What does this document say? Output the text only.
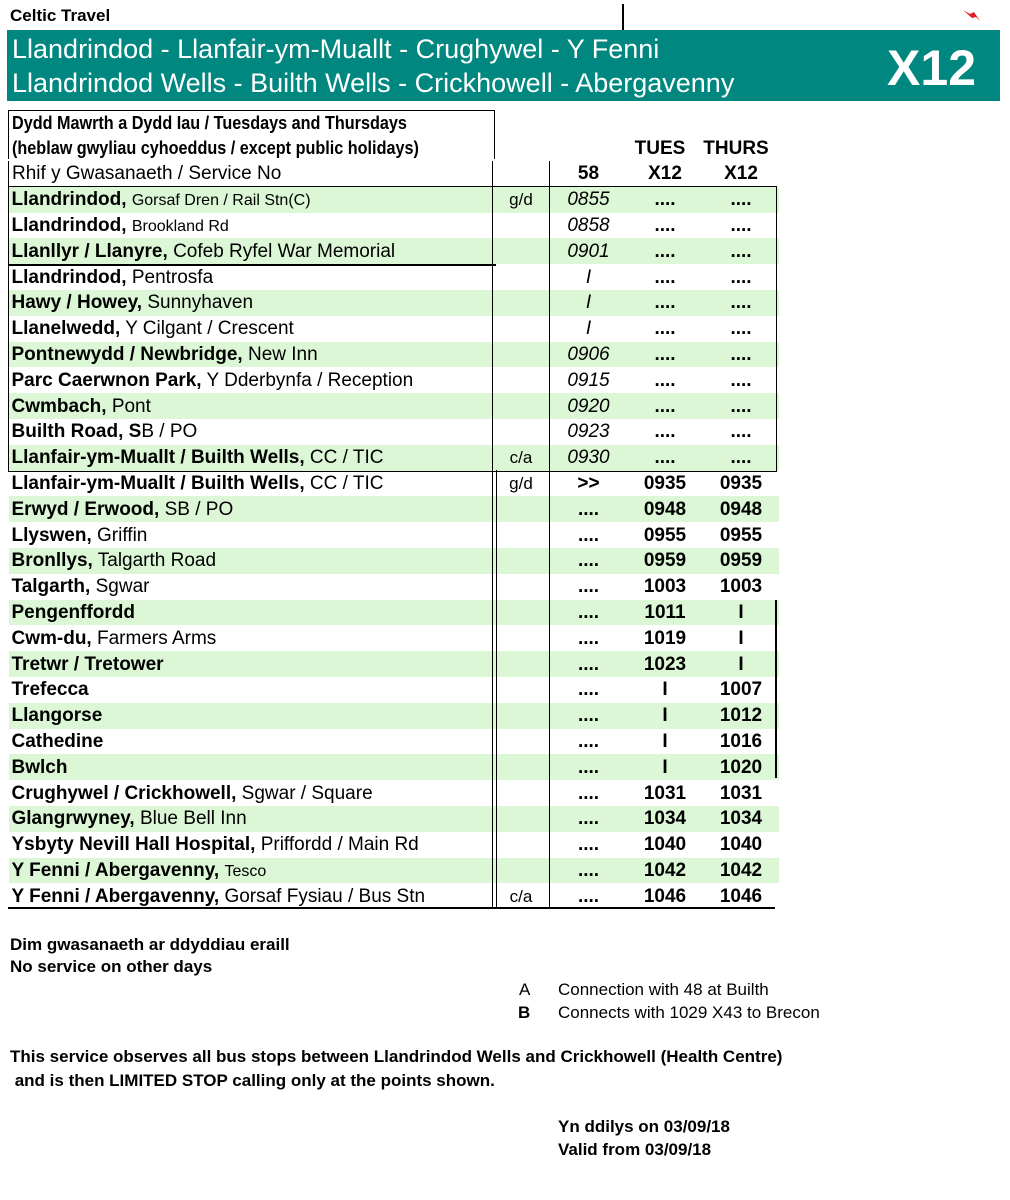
Celtic Travel
Llandrindod - Llanfair-ym-Muallt - Crughywel - Y Fenni
Llandrindod Wells - Builth Wells - Crickhowell - Abergavenny	X12
Dydd Mawrth a Dydd Iau / Tuesdays and Thursdays
(heblaw gwyliau cyhoeddus / except public holidays)	TUES THURS
Rhif y Gwasanaeth / Service No		58	X12	X12
Llandrindod, Gorsaf Dren / Rail Stn(C)	g/d	0855	....	....
Llandrindod, Brookland Rd		0858	....	....
Llanllyr / Llanyre, Cofeb Ryfel War Memorial		0901	....	....
Llandrindod, Pentrosfa		I	....	....
Hawy / Howey, Sunnyhaven		I	....	....
Llanelwedd, Y Cilgant / Crescent		I	....	....
Pontnewydd / Newbridge, New Inn		0906	....	....
Parc Caerwnon Park, Y Dderbynfa / Reception		0915	....	....
Cwmbach, Pont		0920	....	....
Builth Road, SB / PO		0923	....	....
Llanfair-ym-Muallt / Builth Wells, CC / TIC	c/a	0930	....	....
Llanfair-ym-Muallt / Builth Wells, CC / TIC	g/d	>>	0935	0935
Erwyd / Erwood, SB / PO		....	0948	0948
Llyswen, Griffin		....	0955	0955
Bronllys, Talgarth Road		....	0959	0959
Talgarth, Sgwar		....	1003	1003
Pengenffordd		....	1011	I
Cwm-du, Farmers Arms		....	1019	I
Tretwr / Tretower		....	1023	I
Trefecca		....	I	1007
Llangorse		....	I	1012
Cathedine		....	I	1016
Bwlch		....	I	1020
Crughywel / Crickhowell, Sgwar / Square		....	1031	1031
Glangrwyney, Blue Bell Inn		....	1034	1034
Ysbyty Nevill Hall Hospital, Priffordd / Main Rd		....	1040	1040
Y Fenni / Abergavenny, Tesco		....	1042	1042
Y Fenni / Abergavenny, Gorsaf Fysiau / Bus Stn	c/a	....	1046	1046
Dim gwasanaeth ar ddyddiau eraill
No service on other days
A Connection with 48 at Builth
B Connects with 1029 X43 to Brecon
This service observes all bus stops between Llandrindod Wells and Crickhowell (Health Centre)
and is then LIMITED STOP calling only at the points shown.
Yn ddilys on 03/09/18
Valid from 03/09/18
